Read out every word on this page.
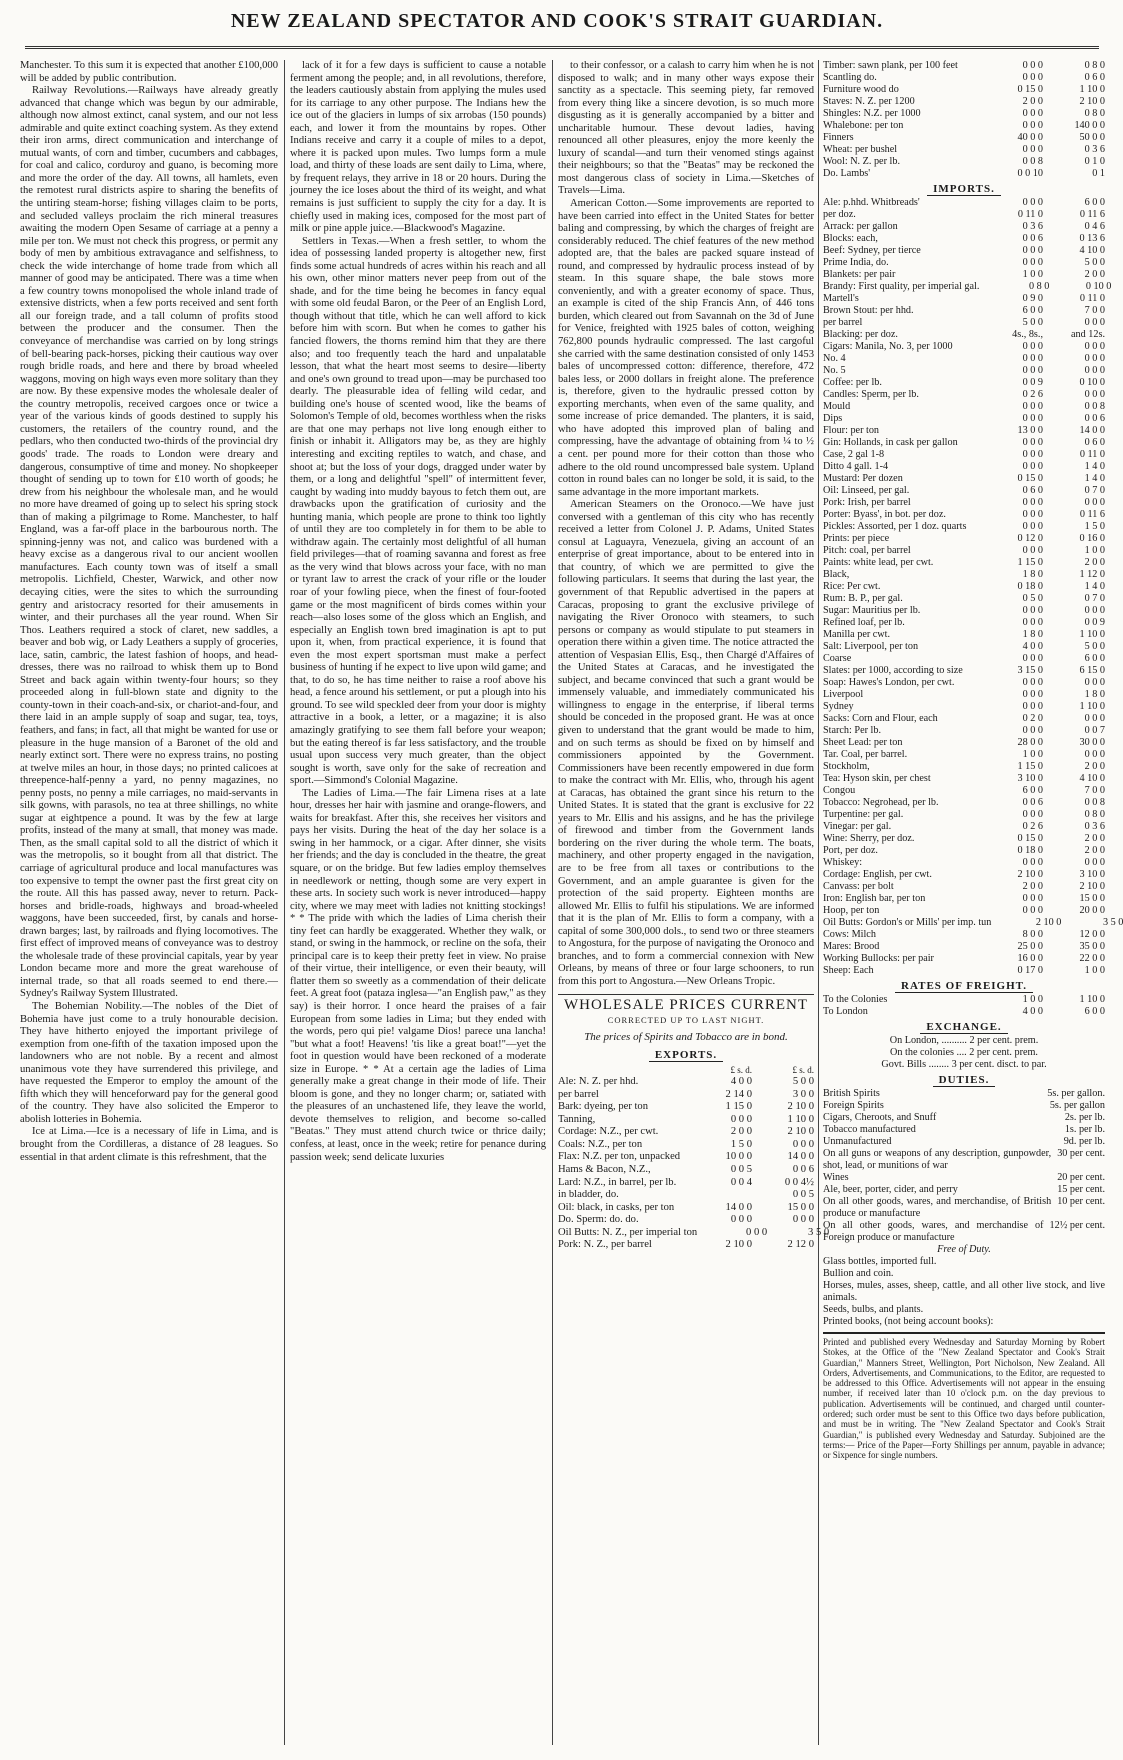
NEW ZEALAND SPECTATOR AND COOK'S STRAIT GUARDIAN.

Manchester. To this sum it is expected that another £100,000 will be added by public contribution.

Railway Revolutions.—Railways have already greatly advanced that change which was begun by our admirable, although now almost extinct, canal system, and our not less admirable and quite extinct coaching system. As they extend their iron arms, direct communication and interchange of mutual wants, of corn and timber, cucumbers and cabbages, for coal and calico, corduroy and guano, is becoming more and more the order of the day. All towns, all hamlets, even the remotest rural districts aspire to sharing the benefits of the untiring steam-horse; fishing villages claim to be ports, and secluded valleys proclaim the rich mineral treasures awaiting the modern Open Sesame of carriage at a penny a mile per ton. We must not check this progress, or permit any body of men by ambitious extravagance and selfishness, to check the wide interchange of home trade from which all manner of good may be anticipated. There was a time when a few country towns monopolised the whole inland trade of extensive districts, when a few ports received and sent forth all our foreign trade, and a tall column of profits stood between the producer and the consumer. Then the conveyance of merchandise was carried on by long strings of bell-bearing pack-horses, picking their cautious way over rough bridle roads, and here and there by broad wheeled waggons, moving on high ways even more solitary than they are now. By these expensive modes the wholesale dealer of the country metropolis, received cargoes once or twice a year of the various kinds of goods destined to supply his customers, the retailers of the country round, and the pedlars, who then conducted two-thirds of the provincial dry goods' trade. The roads to London were dreary and dangerous, consumptive of time and money. No shopkeeper thought of sending up to town for £10 worth of goods; he drew from his neighbour the wholesale man, and he would no more have dreamed of going up to select his spring stock than of making a pilgrimage to Rome. Manchester, to half England, was a far-off place in the barbourous north. The spinning-jenny was not, and calico was burdened with a heavy excise as a dangerous rival to our ancient woollen manufactures. Each county town was of itself a small metropolis. Lichfield, Chester, Warwick, and other now decaying cities, were the sites to which the surrounding gentry and aristocracy resorted for their amusements in winter, and their purchases all the year round. When Sir Thos. Leathers required a stock of claret, new saddles, a beaver and bob wig, or Lady Leathers a supply of groceries, lace, satin, cambric, the latest fashion of hoops, and head-dresses, there was no railroad to whisk them up to Bond Street and back again within twenty-four hours; so they proceeded along in full-blown state and dignity to the county-town in their coach-and-six, or chariot-and-four, and there laid in an ample supply of soap and sugar, tea, toys, feathers, and fans; in fact, all that might be wanted for use or pleasure in the huge mansion of a Baronet of the old and nearly extinct sort. There were no express trains, no posting at twelve miles an hour, in those days; no printed calicoes at threepence-half-penny a yard, no penny magazines, no penny posts, no penny a mile carriages, no maid-servants in silk gowns, with parasols, no tea at three shillings, no white sugar at eightpence a pound. It was by the few at large profits, instead of the many at small, that money was made. Then, as the small capital sold to all the district of which it was the metropolis, so it bought from all that district. The carriage of agricultural produce and local manufactures was too expensive to tempt the owner past the first great city on the route. All this has passed away, never to return. Pack-horses and bridle-roads, highways and broad-wheeled waggons, have been succeeded, first, by canals and horse-drawn barges; last, by railroads and flying locomotives. The first effect of improved means of conveyance was to destroy the wholesale trade of these provincial capitals, year by year London became more and more the great warehouse of internal trade, so that all roads seemed to end there.—Sydney's Railway System Illustrated.

The Bohemian Nobility.—The nobles of the Diet of Bohemia have just come to a truly honourable decision. They have hitherto enjoyed the important privilege of exemption from one-fifth of the taxation imposed upon the landowners who are not noble. By a recent and almost unanimous vote they have surrendered this privilege, and have requested the Emperor to employ the amount of the fifth which they will henceforward pay for the general good of the country. They have also solicited the Emperor to abolish lotteries in Bohemia.

Ice at Lima.—Ice is a necessary of life in Lima, and is brought from the Cordilleras, a distance of 28 leagues. So essential in that ardent climate is this refreshment, that the

lack of it for a few days is sufficient to cause a notable ferment among the people; and, in all revolutions, therefore, the leaders cautiously abstain from applying the mules used for its carriage to any other purpose. The Indians hew the ice out of the glaciers in lumps of six arrobas (150 pounds) each, and lower it from the mountains by ropes. Other Indians receive and carry it a couple of miles to a depot, where it is packed upon mules. Two lumps form a mule load, and thirty of these loads are sent daily to Lima, where, by frequent relays, they arrive in 18 or 20 hours. During the journey the ice loses about the third of its weight, and what remains is just sufficient to supply the city for a day. It is chiefly used in making ices, composed for the most part of milk or pine apple juice.—Blackwood's Magazine.

Settlers in Texas.—When a fresh settler, to whom the idea of possessing landed property is altogether new, first finds some actual hundreds of acres within his reach and all his own, other minor matters never peep from out of the shade, and for the time being he becomes in fancy equal with some old feudal Baron, or the Peer of an English Lord, though without that title, which he can well afford to kick before him with scorn. But when he comes to gather his fancied flowers, the thorns remind him that they are there also; and too frequently teach the hard and unpalatable lesson, that what the heart most seems to desire—liberty and one's own ground to tread upon—may be purchased too dearly. The pleasurable idea of felling wild cedar, and building one's house of scented wood, like the beams of Solomon's Temple of old, becomes worthless when the risks are that one may perhaps not live long enough either to finish or inhabit it. Alligators may be, as they are highly interesting and exciting reptiles to watch, and chase, and shoot at; but the loss of your dogs, dragged under water by them, or a long and delightful "spell" of intermittent fever, caught by wading into muddy bayous to fetch them out, are drawbacks upon the gratification of curiosity and the hunting mania, which people are prone to think too lightly of until they are too completely in for them to be able to withdraw again. The certainly most delightful of all human field privileges—that of roaming savanna and forest as free as the very wind that blows across your face, with no man or tyrant law to arrest the crack of your rifle or the louder roar of your fowling piece, when the finest of four-footed game or the most magnificent of birds comes within your reach—also loses some of the gloss which an English, and especially an English town bred imagination is apt to put upon it, when, from practical experience, it is found that even the most expert sportsman must make a perfect business of hunting if he expect to live upon wild game; and that, to do so, he has time neither to raise a roof above his head, a fence around his settlement, or put a plough into his ground. To see wild speckled deer from your door is mighty attractive in a book, a letter, or a magazine; it is also amazingly gratifying to see them fall before your weapon; but the eating thereof is far less satisfactory, and the trouble usual upon success very much greater, than the object sought is worth, save only for the sake of recreation and sport.—Simmond's Colonial Magazine.

The Ladies of Lima.—The fair Limena rises at a late hour, dresses her hair with jasmine and orange-flowers, and waits for breakfast. After this, she receives her visitors and pays her visits. During the heat of the day her solace is a swing in her hammock, or a cigar. After dinner, she visits her friends; and the day is concluded in the theatre, the great square, or on the bridge. But few ladies employ themselves in needlework or netting, though some are very expert in these arts. In society such work is never introduced—happy city, where we may meet with ladies not knitting stockings! * * The pride with which the ladies of Lima cherish their tiny feet can hardly be exaggerated. Whether they walk, or stand, or swing in the hammock, or recline on the sofa, their principal care is to keep their pretty feet in view. No praise of their virtue, their intelligence, or even their beauty, will flatter them so sweetly as a commendation of their delicate feet. A great foot (pataza inglesa—"an English paw," as they say) is their horror. I once heard the praises of a fair European from some ladies in Lima; but they ended with the words, pero qui pie! valgame Dios! parece una lancha! "but what a foot! Heavens! 'tis like a great boat!"—yet the foot in question would have been reckoned of a moderate size in Europe. * * At a certain age the ladies of Lima generally make a great change in their mode of life. Their bloom is gone, and they no longer charm; or, satiated with the pleasures of an unchastened life, they leave the world, devote themselves to religion, and become so-called "Beatas." They must attend church twice or thrice daily; confess, at least, once in the week; retire for penance during passion week; send delicate luxuries

to their confessor, or a calash to carry him when he is not disposed to walk; and in many other ways expose their sanctity as a spectacle. This seeming piety, far removed from every thing like a sincere devotion, is so much more disgusting as it is generally accompanied by a bitter and uncharitable humour. These devout ladies, having renounced all other pleasures, enjoy the more keenly the luxury of scandal—and turn their venomed stings against their neighbours; so that the "Beatas" may be reckoned the most dangerous class of society in Lima.—Sketches of Travels—Lima.

American Cotton.—Some improvements are reported to have been carried into effect in the United States for better baling and compressing, by which the charges of freight are considerably reduced. The chief features of the new method adopted are, that the bales are packed square instead of round, and compressed by hydraulic process instead of by steam. In this square shape, the bale stows more conveniently, and with a greater economy of space. Thus, an example is cited of the ship Francis Ann, of 446 tons burden, which cleared out from Savannah on the 3d of June for Venice, freighted with 1925 bales of cotton, weighing 762,800 pounds hydraulic compressed. The last cargoful she carried with the same destination consisted of only 1453 bales of uncompressed cotton: difference, therefore, 472 bales less, or 2000 dollars in freight alone. The preference is, therefore, given to the hydraulic pressed cotton by exporting merchants, when even of the same quality, and some increase of price demanded. The planters, it is said, who have adopted this improved plan of baling and compressing, have the advantage of obtaining from ¼ to ½ a cent. per pound more for their cotton than those who adhere to the old round uncompressed bale system. Upland cotton in round bales can no longer be sold, it is said, to the same advantage in the more important markets.

American Steamers on the Oronoco.—We have just conversed with a gentleman of this city who has recently received a letter from Colonel J. P. Adams, United States consul at Laguayra, Venezuela, giving an account of an enterprise of great importance, about to be entered into in that country, of which we are permitted to give the following particulars. It seems that during the last year, the government of that Republic advertised in the papers at Caracas, proposing to grant the exclusive privilege of navigating the River Oronoco with steamers, to such persons or company as would stipulate to put steamers in operation there within a given time. The notice attracted the attention of Vespasian Ellis, Esq., then Chargé d'Affaires of the United States at Caracas, and he investigated the subject, and became convinced that such a grant would be immensely valuable, and immediately communicated his willingness to engage in the enterprise, if liberal terms should be conceded in the proposed grant. He was at once given to understand that the grant would be made to him, and on such terms as should be fixed on by himself and commissioners appointed by the Government. Commissioners have been recently empowered in due form to make the contract with Mr. Ellis, who, through his agent at Caracas, has obtained the grant since his return to the United States. It is stated that the grant is exclusive for 22 years to Mr. Ellis and his assigns, and he has the privilege of firewood and timber from the Government lands bordering on the river during the whole term. The boats, machinery, and other property engaged in the navigation, are to be free from all taxes or contributions to the Government, and an ample guarantee is given for the protection of the said property. Eighteen months are allowed Mr. Ellis to fulfil his stipulations. We are informed that it is the plan of Mr. Ellis to form a company, with a capital of some 300,000 dols., to send two or three steamers to Angostura, for the purpose of navigating the Oronoco and branches, and to form a commercial connexion with New Orleans, by means of three or four large schooners, to run from this port to Angostura.—New Orleans Tropic.

WHOLESALE PRICES CURRENT
CORRECTED UP TO LAST NIGHT.
The prices of Spirits and Tobacco are in bond.
EXPORTS.
£ s. d.	£ s. d.
Ale: N. Z. per hhd.	4 0 0	5 0 0
per barrel	2 14 0	3 0 0
Bark: dyeing, per ton	1 15 0	2 10 0
Tanning,	0 0 0	1 10 0
Cordage: N.Z., per cwt.	2 0 0	2 10 0
Coals: N.Z., per ton	1 5 0	0 0 0
Flax: N.Z. per ton, unpacked	10 0 0	14 0 0
Hams & Bacon, N.Z.,	0 0 5	0 0 6
Lard: N.Z., in barrel, per lb.	0 0 4	0 0 4½
in bladder, do.	0 0 5
Oil: black, in casks, per ton	14 0 0	15 0 0
Do. Sperm: do. do.	0 0 0	0 0 0
Oil Butts: N. Z., per imperial ton	0 0 0	3 5 0
Pork: N. Z., per barrel	2 10 0	2 12 0
Timber: sawn plank, per 100 feet	0 0 0	0 8 0
Scantling do.	0 0 0	0 6 0
Furniture wood do	0 15 0	1 10 0
Staves: N. Z. per 1200	2 0 0	2 10 0
Shingles: N.Z. per 1000	0 0 0	0 8 0
Whalebone: per ton	0 0 0	140 0 0
Finners	40 0 0	50 0 0
Wheat: per bushel	0 0 0	0 3 6
Wool: N. Z. per lb.	0 0 8	0 1 0
Do. Lambs'	0 0 10	0 1
IMPORTS.
Ale: p.hhd. Whitbreads'	0 0 0	6 0 0
per doz.	0 11 0	0 11 6
Arrack: per gallon	0 3 6	0 4 6
Blocks: each,	0 0 6	0 13 6
Beef: Sydney, per tierce	0 0 0	4 10 0
Prime India, do.	0 0 0	5 0 0
Blankets: per pair	1 0 0	2 0 0
Brandy: First quality, per imperial gal.	0 8 0	0 10 0
Martell's	0 9 0	0 11 0
Brown Stout: per hhd.	6 0 0	7 0 0
per barrel	5 0 0	0 0 0
Blacking: per doz.	4s., 8s.,	and 12s.
Cigars: Manila, No. 3, per 1000	0 0 0	0 0 0
No. 4	0 0 0	0 0 0
No. 5	0 0 0	0 0 0
Coffee: per lb.	0 0 9	0 10 0
Candles: Sperm, per lb.	0 2 6	0 0 0
Mould	0 0 0	0 0 8
Dips	0 0 0	0 0 6
Flour: per ton	13 0 0	14 0 0
Gin: Hollands, in cask per gallon	0 0 0	0 6 0
Case, 2 gal 1-8	0 0 0	0 11 0
Ditto 4 gall. 1-4	0 0 0	1 4 0
Mustard: Per dozen	0 15 0	1 4 0
Oil: Linseed, per gal.	0 6 0	0 7 0
Pork: Irish, per barrel	0 0 0	0 0 0
Porter: Byass', in bot. per doz.	0 0 0	0 11 6
Pickles: Assorted, per 1 doz. quarts	0 0 0	1 5 0
Prints: per piece	0 12 0	0 16 0
Pitch: coal, per barrel	0 0 0	1 0 0
Paints: white lead, per cwt.	1 15 0	2 0 0
Black,	1 8 0	1 12 0
Rice: Per cwt.	0 18 0	1 4 0
Rum: B. P., per gal.	0 5 0	0 7 0
Sugar: Mauritius per lb.	0 0 0	0 0 0
Refined loaf, per lb.	0 0 0	0 0 9
Manilla per cwt.	1 8 0	1 10 0
Salt: Liverpool, per ton	4 0 0	5 0 0
Coarse	0 0 0	6 0 0
Slates: per 1000, according to size	3 15 0	6 15 0
Soap: Hawes's London, per cwt.	0 0 0	0 0 0
Liverpool	0 0 0	1 8 0
Sydney	0 0 0	1 10 0
Sacks: Corn and Flour, each	0 2 0	0 0 0
Starch: Per lb.	0 0 0	0 0 7
Sheet Lead: per ton	28 0 0	30 0 0
Tar. Coal, per barrel.	1 0 0	0 0 0
Stockholm,	1 15 0	2 0 0
Tea: Hyson skin, per chest	3 10 0	4 10 0
Congou	6 0 0	7 0 0
Tobacco: Negrohead, per lb.	0 0 6	0 0 8
Turpentine: per gal.	0 0 0	0 8 0
Vinegar: per gal.	0 2 6	0 3 6
Wine: Sherry, per doz.	0 15 0	2 0 0
Port, per doz.	0 18 0	2 0 0
Whiskey:	0 0 0	0 0 0
Cordage: English, per cwt.	2 10 0	3 10 0
Canvass: per bolt	2 0 0	2 10 0
Iron: English bar, per ton	0 0 0	15 0 0
Hoop, per ton	0 0 0	20 0 0
Oil Butts: Gordon's or Mills' per imp. tun	2 10 0	3 5 0
Cows: Milch	8 0 0	12 0 0
Mares: Brood	25 0 0	35 0 0
Working Bullocks: per pair	16 0 0	22 0 0
Sheep: Each	0 17 0	1 0 0
RATES OF FREIGHT.
To the Colonies	1 0 0	1 10 0
To London	4 0 0	6 0 0
EXCHANGE.
On London, .......... 2 per cent. prem.
On the colonies .... 2 per cent. prem.
Govt. Bills ........ 3 per cent. disct. to par.
DUTIES.
British Spirits	5s. per gallon.
Foreign Spirits	5s. per gallon
Cigars, Cheroots, and Snuff	2s. per lb.
Tobacco manufactured	1s. per lb.
Unmanufactured	9d. per lb.
On all guns or weapons of any description, gunpowder, shot, lead, or munitions of war
30 per cent.
Wines	20 per cent.
Ale, beer, porter, cider, and perry	15 per cent.
On all other goods, wares, and merchandise, of British produce or manufacture
10 per cent.
On all other goods, wares, and merchandise of Foreign produce or manufacture
12½ per cent.
Free of Duty.
Glass bottles, imported full.
Bullion and coin.
Horses, mules, asses, sheep, cattle, and all other live stock, and live animals.
Seeds, bulbs, and plants.
Printed books, (not being account books):
Printed and published every Wednesday and Saturday Morning by Robert Stokes, at the Office of the "New Zealand Spectator and Cook's Strait Guardian," Manners Street, Wellington, Port Nicholson, New Zealand. All Orders, Advertisements, and Communications, to the Editor, are requested to be addressed to this Office. Advertisements will not appear in the ensuing number, if received later than 10 o'clock p.m. on the day previous to publication. Advertisements will be continued, and charged until counter-ordered; such order must be sent to this Office two days before publication, and must be in writing. The "New Zealand Spectator and Cook's Strait Guardian," is published every Wednesday and Saturday. Subjoined are the terms:— Price of the Paper—Forty Shillings per annum, payable in advance; or Sixpence for single numbers.
